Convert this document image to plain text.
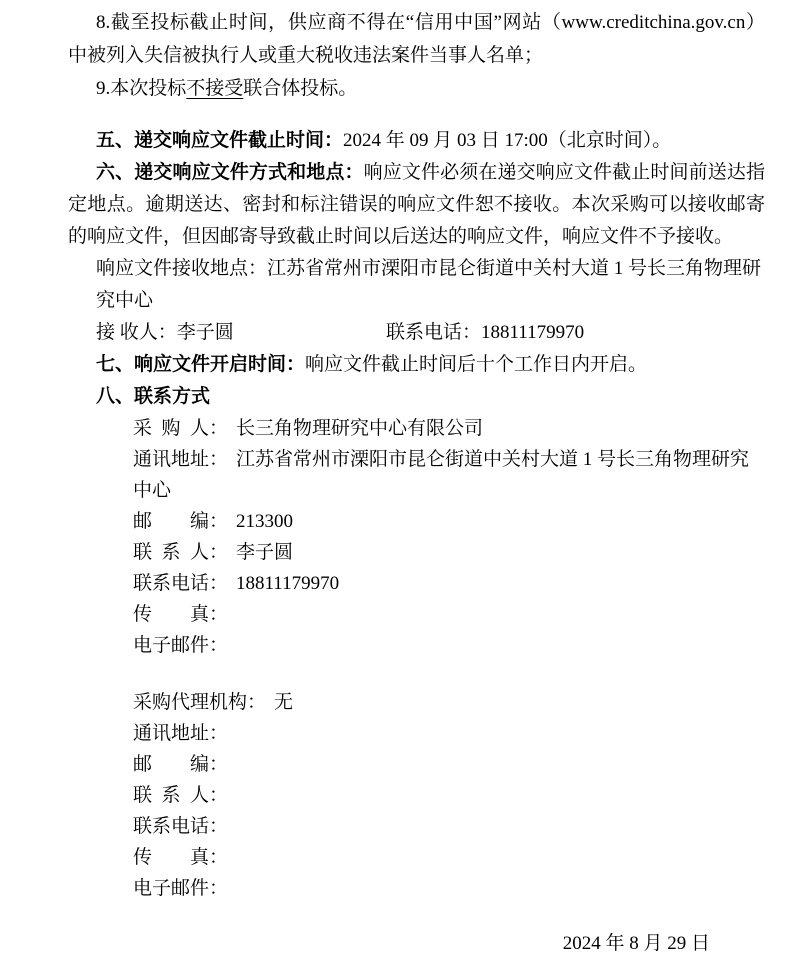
8.截至投标截止时间，供应商不得在“信用中国”网站（www.creditchina.gov.cn）中被列入失信被执行人或重大税收违法案件当事人名单；

9.本次投标不接受联合体投标。

五、递交响应文件截止时间：2024 年 09 月 03 日 17:00（北京时间）。

六、递交响应文件方式和地点：响应文件必须在递交响应文件截止时间前送达指定地点。逾期送达、密封和标注错误的响应文件恕不接收。本次采购可以接收邮寄的响应文件，但因邮寄导致截止时间以后送达的响应文件，响应文件不予接收。

响应文件接收地点：江苏省常州市溧阳市昆仑街道中关村大道 1 号长三角物理研究中心

接 收人：李子圆	联系电话：18811179970

七、响应文件开启时间：响应文件截止时间后十个工作日内开启。

八、联系方式

采购人： 长三角物理研究中心有限公司

通讯地址： 江苏省常州市溧阳市昆仑街道中关村大道 1 号长三角物理研究中心

邮编： 213300

联系人： 李子圆

联系电话： 18811179970

传真：

电子邮件：

采购代理机构： 无

通讯地址：

邮编：

联系人：

联系电话：

传真：

电子邮件：

2024 年 8 月 29 日
